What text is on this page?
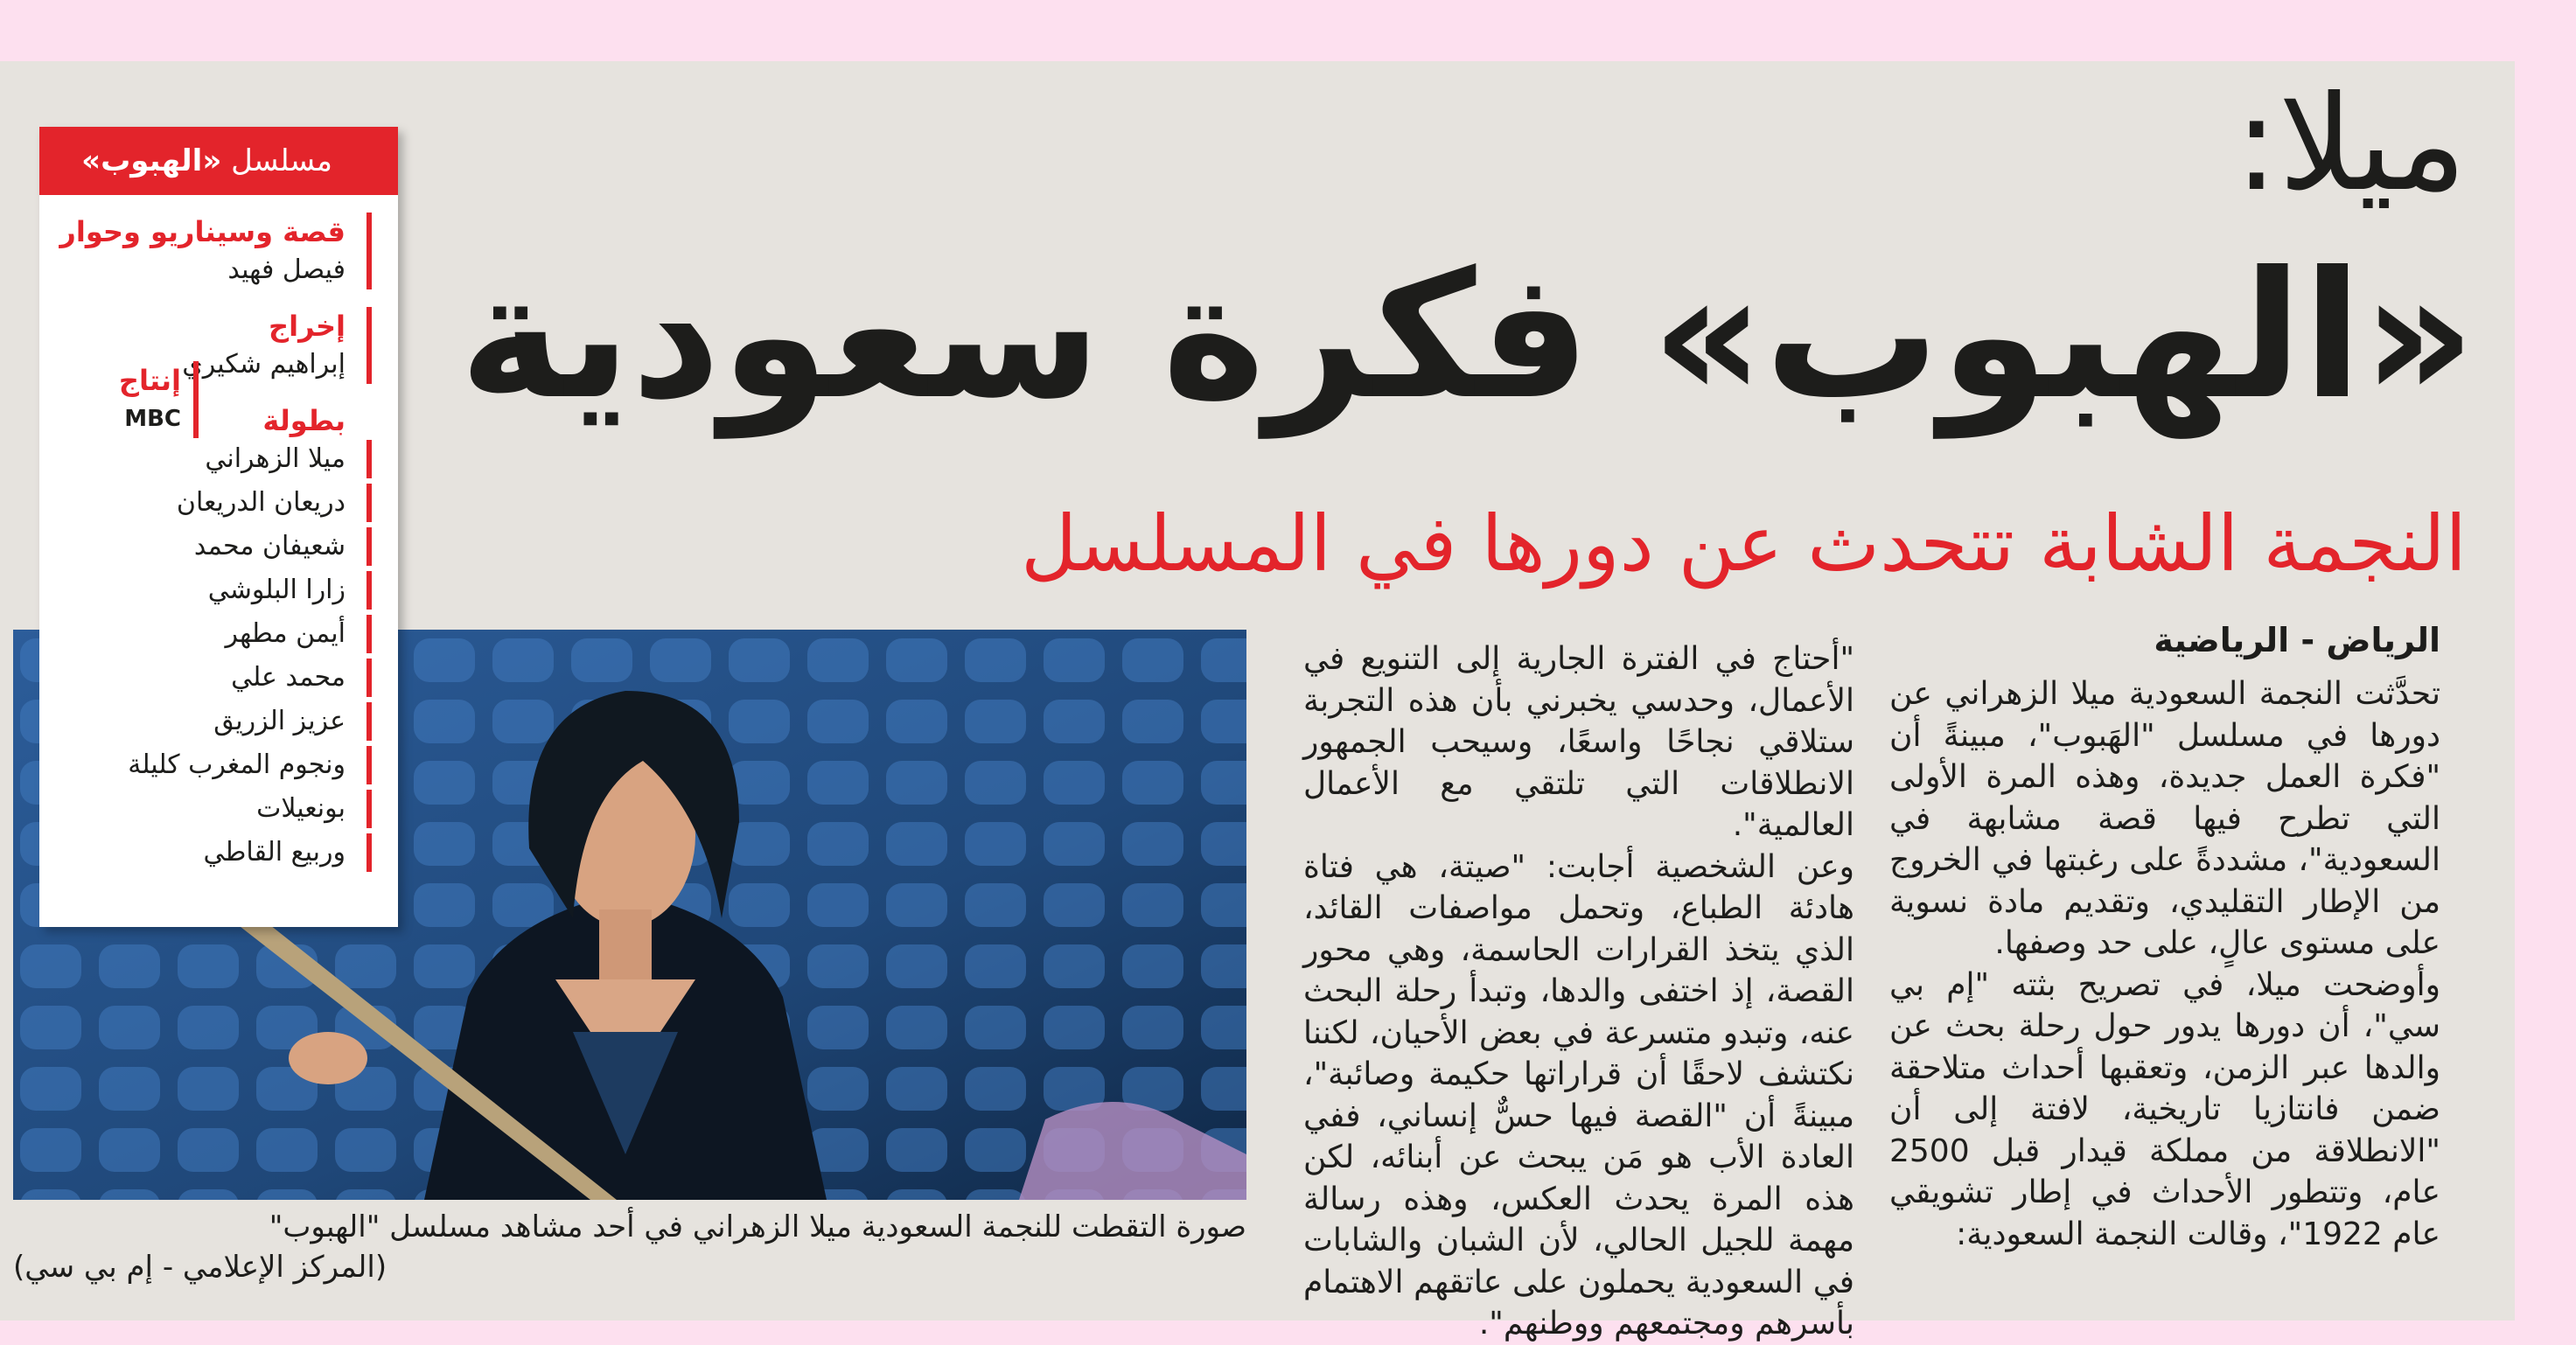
ميلا:
«الهبوب» فكرة سعودية
النجمة الشابة تتحدث عن دورها في المسلسل
الرياض - الرياضية

تحدَّثت النجمة السعودية ميلا الزهراني عن دورها في مسلسل "الهَبوب"، مبينةً أن "فكرة العمل جديدة، وهذه المرة الأولى التي تطرح فيها قصة مشابهة في السعودية"، مشددةً على رغبتها في الخروج من الإطار التقليدي، وتقديم مادة نسوية على مستوى عالٍ، على حد وصفها.

وأوضحت ميلا، في تصريح بثته "إم بي سي"، أن دورها يدور حول رحلة بحث عن والدها عبر الزمن، وتعقبها أحداث متلاحقة ضمن فانتازيا تاريخية، لافتة إلى أن "الانطلاقة من مملكة قيدار قبل 2500 عام، وتتطور الأحداث في إطار تشويقي عام 1922"، وقالت النجمة السعودية:

"أحتاج في الفترة الجارية إلى التنويع في الأعمال، وحدسي يخبرني بأن هذه التجربة ستلاقي نجاحًا واسعًا، وسيحب الجمهور الانطلاقات التي تلتقي مع الأعمال العالمية".

وعن الشخصية أجابت: "صيتة، هي فتاة هادئة الطباع، وتحمل مواصفات القائد، الذي يتخذ القرارات الحاسمة، وهي محور القصة، إذ اختفى والدها، وتبدأ رحلة البحث عنه، وتبدو متسرعة في بعض الأحيان، لكننا نكتشف لاحقًا أن قراراتها حكيمة وصائبة"، مبينةً أن "القصة فيها حسٌّ إنساني، ففي العادة الأب هو مَن يبحث عن أبنائه، لكن هذه المرة يحدث العكس، وهذه رسالة مهمة للجيل الحالي، لأن الشبان والشابات في السعودية يحملون على عاتقهم الاهتمام بأسرهم ومجتمعهم ووطنهم".

صورة التقطت للنجمة السعودية ميلا الزهراني في أحد مشاهد مسلسل "الهبوب"
(المركز الإعلامي - إم بي سي)
مسلسل «الهبوب»
قصة وسيناريو وحوار
فيصل فهيد
إخراج
إبراهيم شكيري
إنتاج
MBC	بطولة
ميلا الزهراني
دريعان الدريعان
شعيفان محمد
زارا البلوشي
أيمن مطهر
محمد علي
عزيز الزريق
ونجوم المغرب كليلة
بونعيلات
وربيع القاطي
